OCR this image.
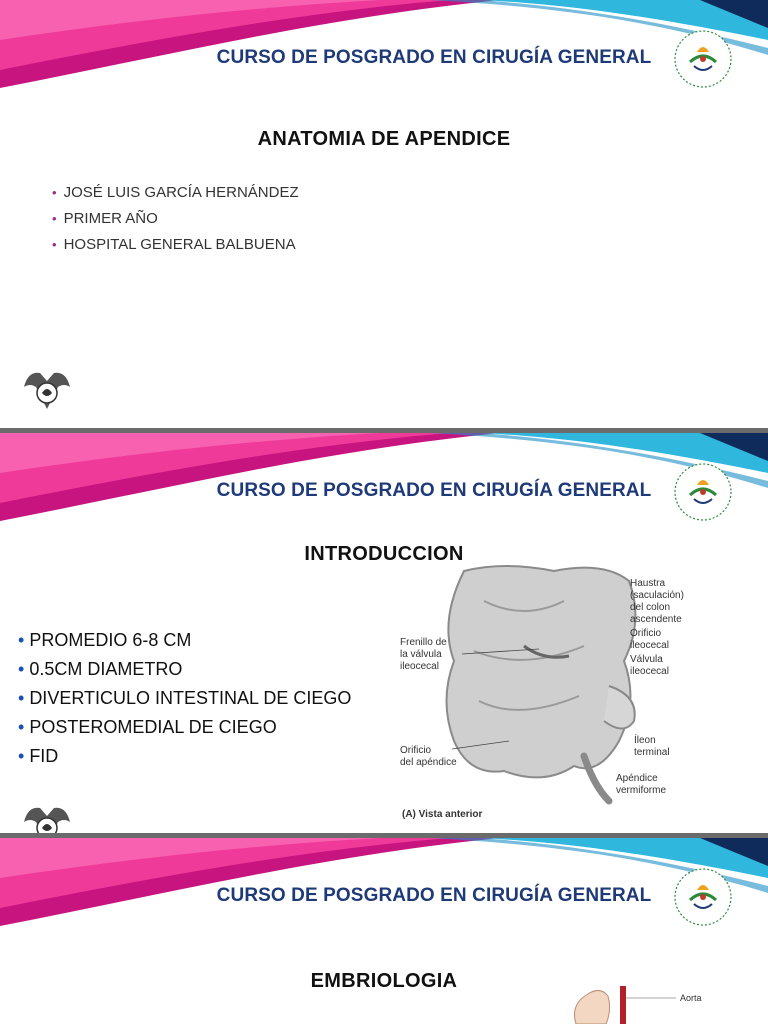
CURSO DE POSGRADO EN CIRUGÍA GENERAL
ANATOMIA DE APENDICE
• JOSÉ LUIS GARCÍA HERNÁNDEZ
• PRIMER AÑO
• HOSPITAL GENERAL BALBUENA
CURSO DE POSGRADO EN CIRUGÍA GENERAL
INTRODUCCION
• PROMEDIO 6-8 CM
• 0.5CM DIAMETRO
• DIVERTICULO INTESTINAL DE CIEGO
• POSTEROMEDIAL DE CIEGO
• FID
Haustra
(saculación)
del colon
ascendente
Orificio
ileocecal
Válvula
ileocecal
Frenillo de
la válvula
ileocecal
Íleon
terminal
Orificio
del apéndice
Apéndice
vermiforme
(A) Vista anterior
CURSO DE POSGRADO EN CIRUGÍA GENERAL
EMBRIOLOGIA
Aorta
